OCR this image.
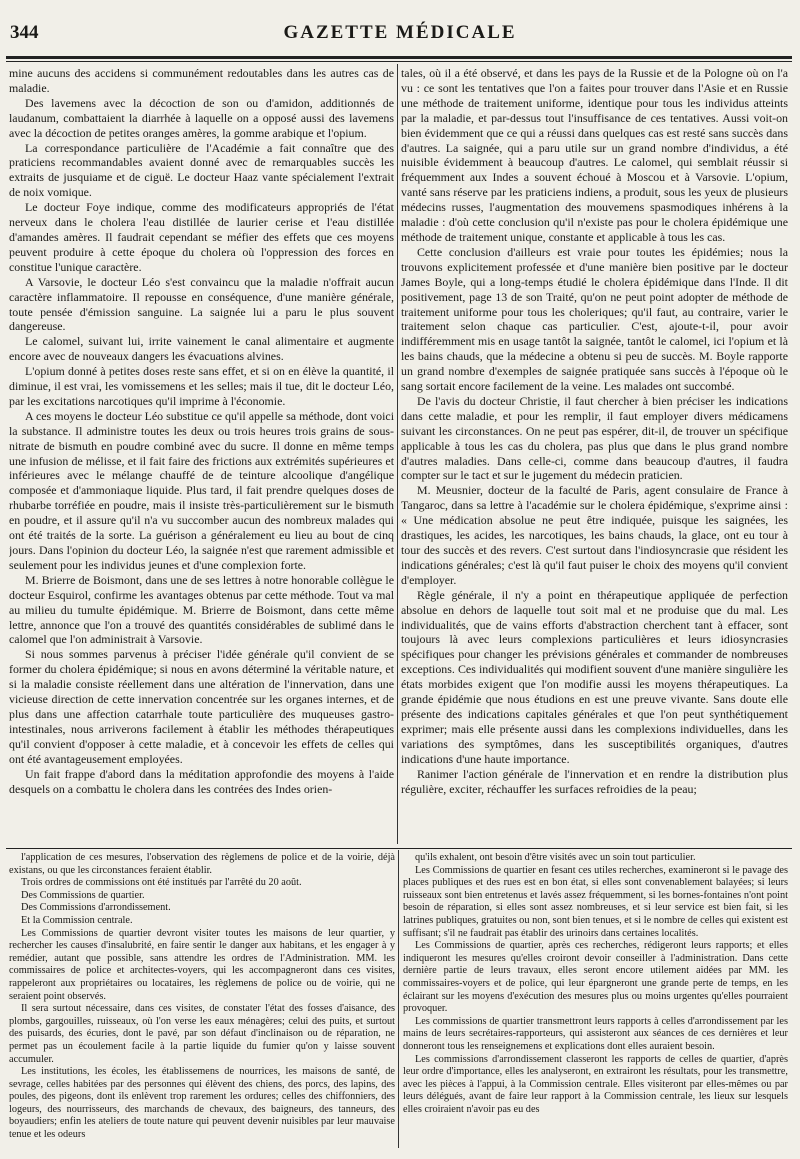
344	GAZETTE MÉDICALE

mine aucuns des accidens si communément redoutables dans les autres cas de maladie.

Des lavemens avec la décoction de son ou d'amidon, additionnés de laudanum, combattaient la diarrhée à laquelle on a opposé aussi des lavemens avec la décoction de petites oranges amères, la gomme arabique et l'opium.

La correspondance particulière de l'Académie a fait connaître que des praticiens recommandables avaient donné avec de remarquables succès les extraits de jusquiame et de ciguë. Le docteur Haaz vante spécialement l'extrait de noix vomique.

Le docteur Foye indique, comme des modificateurs appropriés de l'état nerveux dans le cholera l'eau distillée de laurier cerise et l'eau distillée d'amandes amères. Il faudrait cependant se méfier des effets que ces moyens peuvent produire à cette époque du cholera où l'oppression des forces en constitue l'unique caractère.

A Varsovie, le docteur Léo s'est convaincu que la maladie n'offrait aucun caractère inflammatoire. Il repousse en conséquence, d'une manière générale, toute pensée d'émission sanguine. La saignée lui a paru le plus souvent dangereuse.

Le calomel, suivant lui, irrite vainement le canal alimentaire et augmente encore avec de nouveaux dangers les évacuations alvines.

L'opium donné à petites doses reste sans effet, et si on en élève la quantité, il diminue, il est vrai, les vomissemens et les selles; mais il tue, dit le docteur Léo, par les excitations narcotiques qu'il imprime à l'économie.

A ces moyens le docteur Léo substitue ce qu'il appelle sa méthode, dont voici la substance. Il administre toutes les deux ou trois heures trois grains de sous-nitrate de bismuth en poudre combiné avec du sucre. Il donne en même temps une infusion de mélisse, et il fait faire des frictions aux extrémités supérieures et inférieures avec le mélange chauffé de de teinture alcoolique d'angélique composée et d'ammoniaque liquide. Plus tard, il fait prendre quelques doses de rhubarbe torréfiée en poudre, mais il insiste très-particulièrement sur le bismuth en poudre, et il assure qu'il n'a vu succomber aucun des nombreux malades qui ont été traités de la sorte. La guérison a généralement eu lieu au bout de cinq jours. Dans l'opinion du docteur Léo, la saignée n'est que rarement admissible et seulement pour les individus jeunes et d'une complexion forte.

M. Brierre de Boismont, dans une de ses lettres à notre honorable collègue le docteur Esquirol, confirme les avantages obtenus par cette méthode. Tout va mal au milieu du tumulte épidémique. M. Brierre de Boismont, dans cette même lettre, annonce que l'on a trouvé des quantités considérables de sublimé dans le calomel que l'on administrait à Varsovie.

Si nous sommes parvenus à préciser l'idée générale qu'il convient de se former du cholera épidémique; si nous en avons déterminé la véritable nature, et si la maladie consiste réellement dans une altération de l'innervation, dans une vicieuse direction de cette innervation concentrée sur les organes internes, et de plus dans une affection catarrhale toute particulière des muqueuses gastro-intestinales, nous arriverons facilement à établir les méthodes thérapeutiques qu'il convient d'opposer à cette maladie, et à concevoir les effets de celles qui ont été avantageusement employées.

Un fait frappe d'abord dans la méditation approfondie des moyens à l'aide desquels on a combattu le cholera dans les contrées des Indes orien-

tales, où il a été observé, et dans les pays de la Russie et de la Pologne où on l'a vu : ce sont les tentatives que l'on a faites pour trouver dans l'Asie et en Russie une méthode de traitement uniforme, identique pour tous les individus atteints par la maladie, et par-dessus tout l'insuffisance de ces tentatives. Aussi voit-on bien évidemment que ce qui a réussi dans quelques cas est resté sans succès dans d'autres. La saignée, qui a paru utile sur un grand nombre d'individus, a été nuisible évidemment à beaucoup d'autres. Le calomel, qui semblait réussir si fréquemment aux Indes a souvent échoué à Moscou et à Varsovie. L'opium, vanté sans réserve par les praticiens indiens, a produit, sous les yeux de plusieurs médecins russes, l'augmentation des mouvemens spasmodiques inhérens à la maladie : d'où cette conclusion qu'il n'existe pas pour le cholera épidémique une méthode de traitement unique, constante et applicable à tous les cas.

Cette conclusion d'ailleurs est vraie pour toutes les épidémies; nous la trouvons explicitement professée et d'une manière bien positive par le docteur James Boyle, qui a long-temps étudié le cholera épidémique dans l'Inde. Il dit positivement, page 13 de son Traité, qu'on ne peut point adopter de méthode de traitement uniforme pour tous les choleriques; qu'il faut, au contraire, varier le traitement selon chaque cas particulier. C'est, ajoute-t-il, pour avoir indifféremment mis en usage tantôt la saignée, tantôt le calomel, ici l'opium et là les bains chauds, que la médecine a obtenu si peu de succès. M. Boyle rapporte un grand nombre d'exemples de saignée pratiquée sans succès à l'époque où le sang sortait encore facilement de la veine. Les malades ont succombé.

De l'avis du docteur Christie, il faut chercher à bien préciser les indications dans cette maladie, et pour les remplir, il faut employer divers médicamens suivant les circonstances. On ne peut pas espérer, dit-il, de trouver un spécifique applicable à tous les cas du cholera, pas plus que dans le plus grand nombre d'autres maladies. Dans celle-ci, comme dans beaucoup d'autres, il faudra compter sur le tact et sur le jugement du médecin praticien.

M. Meusnier, docteur de la faculté de Paris, agent consulaire de France à Tangaroc, dans sa lettre à l'académie sur le cholera épidémique, s'exprime ainsi : « Une médication absolue ne peut être indiquée, puisque les saignées, les drastiques, les acides, les narcotiques, les bains chauds, la glace, ont eu tour à tour des succès et des revers. C'est surtout dans l'indiosyncrasie que résident les indications générales; c'est là qu'il faut puiser le choix des moyens qu'il convient d'employer.

Règle générale, il n'y a point en thérapeutique appliquée de perfection absolue en dehors de laquelle tout soit mal et ne produise que du mal. Les individualités, que de vains efforts d'abstraction cherchent tant à effacer, sont toujours là avec leurs complexions particulières et leurs idiosyncrasies spécifiques pour changer les prévisions générales et commander de nombreuses exceptions. Ces individualités qui modifient souvent d'une manière singulière les états morbides exigent que l'on modifie aussi les moyens thérapeutiques. La grande épidémie que nous étudions en est une preuve vivante. Sans doute elle présente des indications capitales générales et que l'on peut synthétiquement exprimer; mais elle présente aussi dans les complexions individuelles, dans les variations des symptômes, dans les susceptibilités organiques, d'autres indications d'une haute importance.

Ranimer l'action générale de l'innervation et en rendre la distribution plus régulière, exciter, réchauffer les surfaces refroidies de la peau;

l'application de ces mesures, l'observation des règlemens de police et de la voirie, déjà existans, ou que les circonstances feraient établir.

Trois ordres de commissions ont été institués par l'arrêté du 20 août.

Des Commissions de quartier.

Des Commissions d'arrondissement.

Et la Commission centrale.

Les Commissions de quartier devront visiter toutes les maisons de leur quartier, y rechercher les causes d'insalubrité, en faire sentir le danger aux habitans, et les engager à y remédier, autant que possible, sans attendre les ordres de l'Administration. MM. les commissaires de police et architectes-voyers, qui les accompagneront dans ces visites, rappeleront aux propriétaires ou locataires, les règlemens de police ou de voirie, qui ne seraient point observés.

Il sera surtout nécessaire, dans ces visites, de constater l'état des fosses d'aisance, des plombs, gargouilles, ruisseaux, où l'on verse les eaux ménagères; celui des puits, et surtout des puisards, des écuries, dont le pavé, par son défaut d'inclinaison ou de réparation, ne permet pas un écoulement facile à la partie liquide du fumier qu'on y laisse souvent accumuler.

Les institutions, les écoles, les établissemens de nourrices, les maisons de santé, de sevrage, celles habitées par des personnes qui élèvent des chiens, des porcs, des lapins, des poules, des pigeons, dont ils enlèvent trop rarement les ordures; celles des chiffonniers, des logeurs, des nourrisseurs, des marchands de chevaux, des baigneurs, des tanneurs, des boyaudiers; enfin les ateliers de toute nature qui peuvent devenir nuisibles par leur mauvaise tenue et les odeurs

qu'ils exhalent, ont besoin d'être visités avec un soin tout particulier.

Les Commissions de quartier en fesant ces utiles recherches, examineront si le pavage des places publiques et des rues est en bon état, si elles sont convenablement balayées; si leurs ruisseaux sont bien entretenus et lavés assez fréquemment, si les bornes-fontaines n'ont point besoin de réparation, si elles sont assez nombreuses, et si leur service est bien fait, si les latrines publiques, gratuites ou non, sont bien tenues, et si le nombre de celles qui existent est suffisant; s'il ne faudrait pas établir des urinoirs dans certaines localités.

Les Commissions de quartier, après ces recherches, rédigeront leurs rapports; et elles indiqueront les mesures qu'elles croiront devoir conseiller à l'administration. Dans cette dernière partie de leurs travaux, elles seront encore utilement aidées par MM. les commissaires-voyers et de police, qui leur épargneront une grande perte de temps, en les éclairant sur les moyens d'exécution des mesures plus ou moins urgentes qu'elles pourraient provoquer.

Les commissions de quartier transmettront leurs rapports à celles d'arrondissement par les mains de leurs secrétaires-rapporteurs, qui assisteront aux séances de ces dernières et leur donneront tous les renseignemens et explications dont elles auraient besoin.

Les commissions d'arrondissement classeront les rapports de celles de quartier, d'après leur ordre d'importance, elles les analyseront, en extrairont les résultats, pour les transmettre, avec les pièces à l'appui, à la Commission centrale. Elles visiteront par elles-mêmes ou par leurs délégués, avant de faire leur rapport à la Commission centrale, les lieux sur lesquels elles croiraient n'avoir pas eu des
